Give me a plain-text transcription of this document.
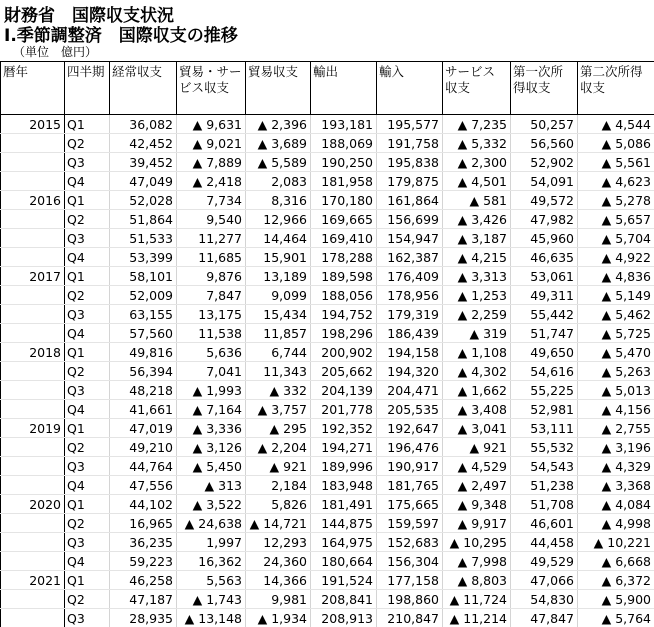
財務省　国際収支状況
Ⅰ.季節調整済　国際収支の推移
（単位　億円）
暦年	四半期	経常収支	貿易・サービス収支	貿易収支	輸出	輸入	サービス収支	第一次所得収支	第二次所得収支
2015	Q1	36,082	▲ 9,631	▲ 2,396	193,181	195,577	▲ 7,235	50,257	▲ 4,544
	Q2	42,452	▲ 9,021	▲ 3,689	188,069	191,758	▲ 5,332	56,560	▲ 5,086
	Q3	39,452	▲ 7,889	▲ 5,589	190,250	195,838	▲ 2,300	52,902	▲ 5,561
	Q4	47,049	▲ 2,418	2,083	181,958	179,875	▲ 4,501	54,091	▲ 4,623
2016	Q1	52,028	7,734	8,316	170,180	161,864	▲ 581	49,572	▲ 5,278
	Q2	51,864	9,540	12,966	169,665	156,699	▲ 3,426	47,982	▲ 5,657
	Q3	51,533	11,277	14,464	169,410	154,947	▲ 3,187	45,960	▲ 5,704
	Q4	53,399	11,685	15,901	178,288	162,387	▲ 4,215	46,635	▲ 4,922
2017	Q1	58,101	9,876	13,189	189,598	176,409	▲ 3,313	53,061	▲ 4,836
	Q2	52,009	7,847	9,099	188,056	178,956	▲ 1,253	49,311	▲ 5,149
	Q3	63,155	13,175	15,434	194,752	179,319	▲ 2,259	55,442	▲ 5,462
	Q4	57,560	11,538	11,857	198,296	186,439	▲ 319	51,747	▲ 5,725
2018	Q1	49,816	5,636	6,744	200,902	194,158	▲ 1,108	49,650	▲ 5,470
	Q2	56,394	7,041	11,343	205,662	194,320	▲ 4,302	54,616	▲ 5,263
	Q3	48,218	▲ 1,993	▲ 332	204,139	204,471	▲ 1,662	55,225	▲ 5,013
	Q4	41,661	▲ 7,164	▲ 3,757	201,778	205,535	▲ 3,408	52,981	▲ 4,156
2019	Q1	47,019	▲ 3,336	▲ 295	192,352	192,647	▲ 3,041	53,111	▲ 2,755
	Q2	49,210	▲ 3,126	▲ 2,204	194,271	196,476	▲ 921	55,532	▲ 3,196
	Q3	44,764	▲ 5,450	▲ 921	189,996	190,917	▲ 4,529	54,543	▲ 4,329
	Q4	47,556	▲ 313	2,184	183,948	181,765	▲ 2,497	51,238	▲ 3,368
2020	Q1	44,102	▲ 3,522	5,826	181,491	175,665	▲ 9,348	51,708	▲ 4,084
	Q2	16,965	▲ 24,638	▲ 14,721	144,875	159,597	▲ 9,917	46,601	▲ 4,998
	Q3	36,235	1,997	12,293	164,975	152,683	▲ 10,295	44,458	▲ 10,221
	Q4	59,223	16,362	24,360	180,664	156,304	▲ 7,998	49,529	▲ 6,668
2021	Q1	46,258	5,563	14,366	191,524	177,158	▲ 8,803	47,066	▲ 6,372
	Q2	47,187	▲ 1,743	9,981	208,841	198,860	▲ 11,724	54,830	▲ 5,900
	Q3	28,935	▲ 13,148	▲ 1,934	208,913	210,847	▲ 11,214	47,847	▲ 5,764
